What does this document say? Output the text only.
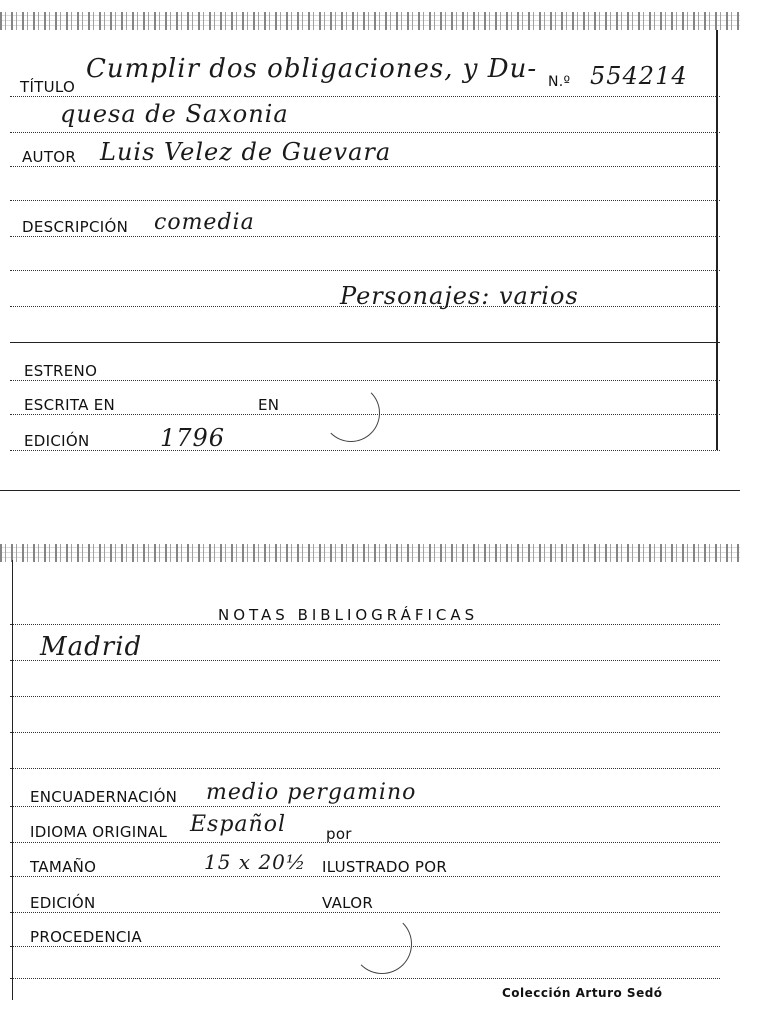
TÍTULO
Cumplir dos obligaciones, y Du- N.º 554214
quesa de Saxonia
AUTOR Luis Velez de Guevara
DESCRIPCIÓN comedia
Personajes: varios
ESTRENO
ESCRITA EN	EN
EDICIÓN	1796
NOTAS BIBLIOGRÁFICAS
Madrid
ENCUADERNACIÓN medio pergamino
IDIOMA ORIGINAL Español	por
TAMAÑO	15 x 20½ ILUSTRADO POR
EDICIÓN	VALOR
PROCEDENCIA
Colección Arturo Sedó
